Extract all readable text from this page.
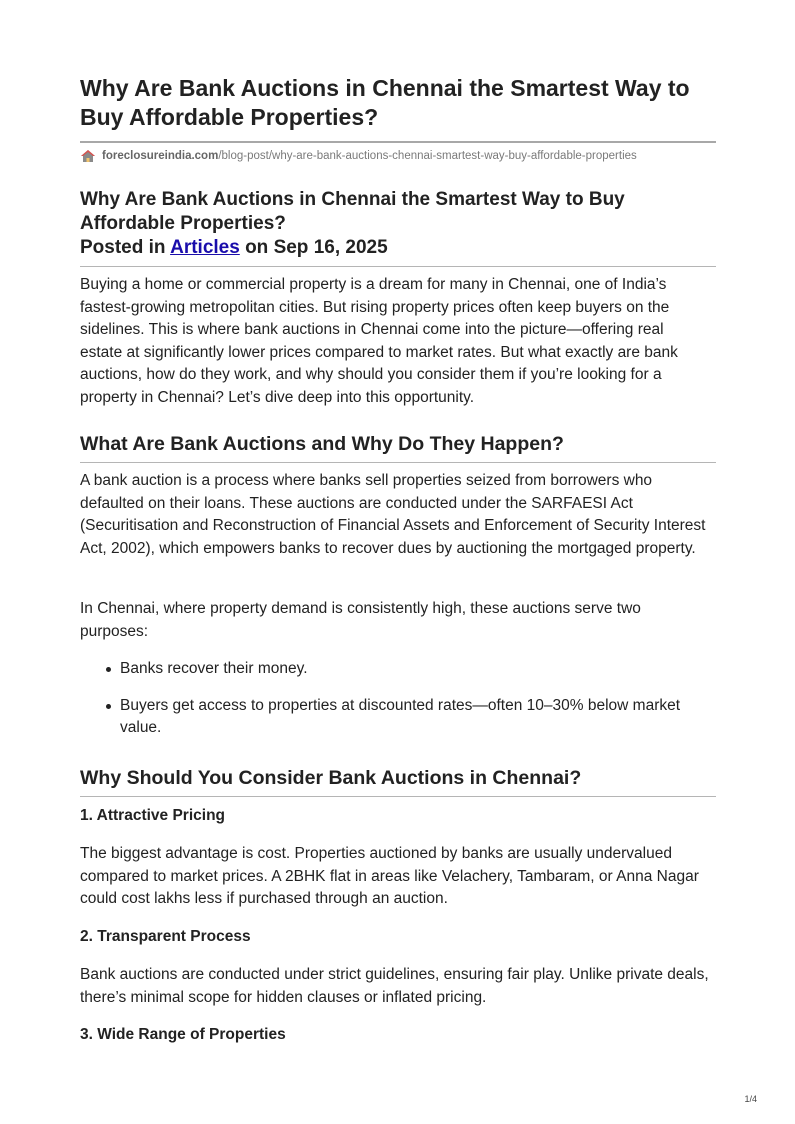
Why Are Bank Auctions in Chennai the Smartest Way to Buy Affordable Properties?
foreclosureindia.com /blog-post/why-are-bank-auctions-chennai-smartest-way-buy-affordable-properties
Why Are Bank Auctions in Chennai the Smartest Way to Buy Affordable Properties?
Posted in Articles on Sep 16, 2025

Buying a home or commercial property is a dream for many in Chennai, one of India’s fastest-growing metropolitan cities. But rising property prices often keep buyers on the sidelines. This is where bank auctions in Chennai come into the picture—offering real estate at significantly lower prices compared to market rates. But what exactly are bank auctions, how do they work, and why should you consider them if you’re looking for a property in Chennai? Let’s dive deep into this opportunity.

What Are Bank Auctions and Why Do They Happen?

A bank auction is a process where banks sell properties seized from borrowers who defaulted on their loans. These auctions are conducted under the SARFAESI Act (Securitisation and Reconstruction of Financial Assets and Enforcement of Security Interest Act, 2002), which empowers banks to recover dues by auctioning the mortgaged property.

In Chennai, where property demand is consistently high, these auctions serve two purposes:

Banks recover their money.
Buyers get access to properties at discounted rates—often 10–30% below market value.
Why Should You Consider Bank Auctions in Chennai?
1. Attractive Pricing

The biggest advantage is cost. Properties auctioned by banks are usually undervalued compared to market prices. A 2BHK flat in areas like Velachery, Tambaram, or Anna Nagar could cost lakhs less if purchased through an auction.

2. Transparent Process

Bank auctions are conducted under strict guidelines, ensuring fair play. Unlike private deals, there’s minimal scope for hidden clauses or inflated pricing.

3. Wide Range of Properties
1/4
